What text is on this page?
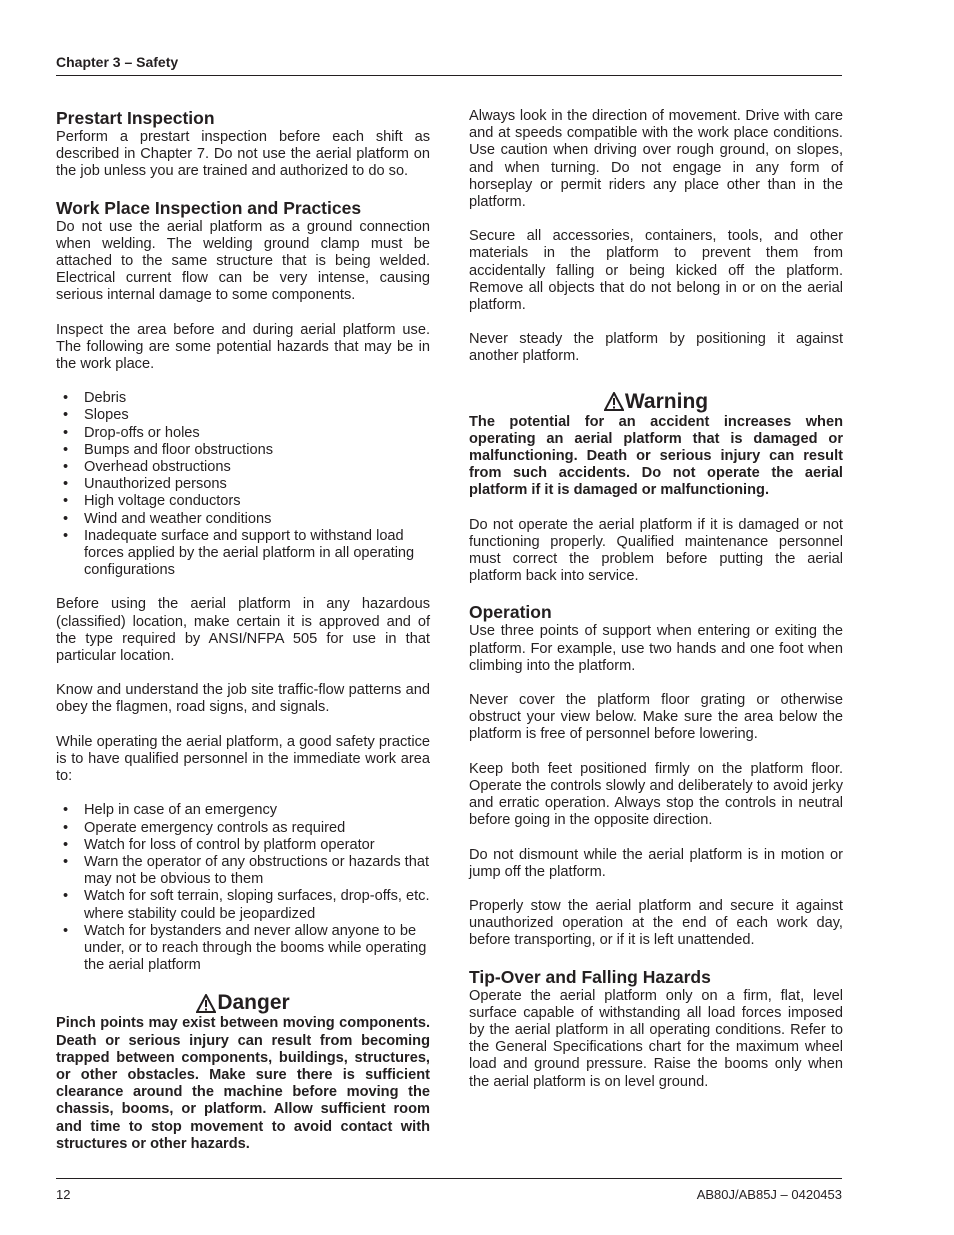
Chapter 3 – Safety
Prestart Inspection

Perform a prestart inspection before each shift as described in Chapter 7. Do not use the aerial platform on the job unless you are trained and authorized to do so.

Work Place Inspection and Practices

Do not use the aerial platform as a ground connection when welding. The welding ground clamp must be attached to the same structure that is being welded. Electrical current flow can be very intense, causing serious internal damage to some components.

Inspect the area before and during aerial platform use. The following are some potential hazards that may be in the work place.

• Debris
• Slopes
• Drop-offs or holes
• Bumps and floor obstructions
• Overhead obstructions
• Unauthorized persons
• High voltage conductors
• Wind and weather conditions
• Inadequate surface and support to withstand load forces applied by the aerial platform in all operating configurations

Before using the aerial platform in any hazardous (classified) location, make certain it is approved and of the type required by ANSI/NFPA 505 for use in that particular location.

Know and understand the job site traffic-flow patterns and obey the flagmen, road signs, and signals.

While operating the aerial platform, a good safety practice is to have qualified personnel in the immediate work area to:

• Help in case of an emergency
• Operate emergency controls as required
• Watch for loss of control by platform operator
• Warn the operator of any obstructions or hazards that may not be obvious to them
• Watch for soft terrain, sloping surfaces, drop-offs, etc. where stability could be jeopardized
• Watch for bystanders and never allow anyone to be under, or to reach through the booms while operating the aerial platform
Danger

Pinch points may exist between moving components. Death or serious injury can result from becoming trapped between components, buildings, structures, or other obstacles. Make sure there is sufficient clearance around the machine before moving the chassis, booms, or platform. Allow sufficient room and time to stop movement to avoid contact with structures or other hazards.

Always look in the direction of movement. Drive with care and at speeds compatible with the work place conditions. Use caution when driving over rough ground, on slopes, and when turning. Do not engage in any form of horseplay or permit riders any place other than in the platform.

Secure all accessories, containers, tools, and other materials in the platform to prevent them from accidentally falling or being kicked off the platform. Remove all objects that do not belong in or on the aerial platform.

Never steady the platform by positioning it against another platform.

Warning

The potential for an accident increases when operating an aerial platform that is damaged or malfunctioning. Death or serious injury can result from such accidents. Do not operate the aerial platform if it is damaged or malfunctioning.

Do not operate the aerial platform if it is damaged or not functioning properly. Qualified maintenance personnel must correct the problem before putting the aerial platform back into service.

Operation

Use three points of support when entering or exiting the platform. For example, use two hands and one foot when climbing into the platform.

Never cover the platform floor grating or otherwise obstruct your view below. Make sure the area below the platform is free of personnel before lowering.

Keep both feet positioned firmly on the platform floor. Operate the controls slowly and deliberately to avoid jerky and erratic operation. Always stop the controls in neutral before going in the opposite direction.

Do not dismount while the aerial platform is in motion or jump off the platform.

Properly stow the aerial platform and secure it against unauthorized operation at the end of each work day, before transporting, or if it is left unattended.

Tip-Over and Falling Hazards

Operate the aerial platform only on a firm, flat, level surface capable of withstanding all load forces imposed by the aerial platform in all operating conditions. Refer to the General Specifications chart for the maximum wheel load and ground pressure. Raise the booms only when the aerial platform is on level ground.

12	AB80J/AB85J – 0420453
